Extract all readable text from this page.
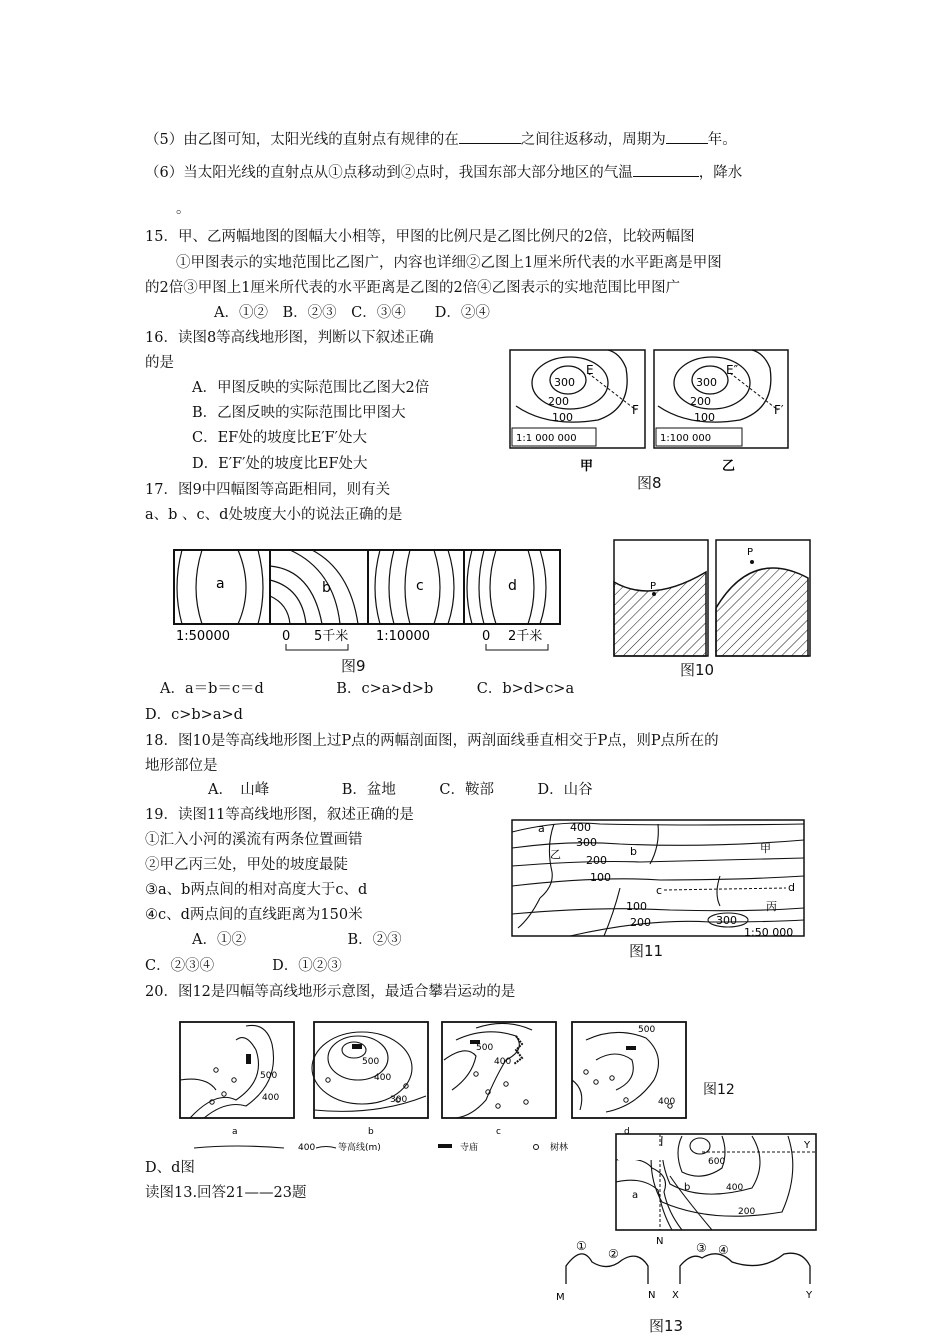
（5）由乙图可知，太阳光线的直射点有规律的在	之间往返移动，周期为	年。
（6）当太阳光线的直射点从①点移动到②点时，我国东部大部分地区的气温	，降水
。
15．甲、乙两幅地图的图幅大小相等，甲图的比例尺是乙图比例尺的2倍，比较两幅图
①甲图表示的实地范围比乙图广，内容也详细②乙图上1厘米所代表的水平距离是甲图
的2倍③甲图上1厘米所代表的水平距离是乙图的2倍④乙图表示的实地范围比甲图广
A．①②　B．②③　C．③④　　D．②④
16．读图8等高线地形图，判断以下叙述正确
的是
A．甲图反映的实际范围比乙图大2倍
B．乙图反映的实际范围比甲图大
C．EF处的坡度比E′F′处大
D．E′F′处的坡度比EF处大
300
200
100
E
F
1:1 000 000
甲
300
200
100
E″
F′
1:100 000
乙
图8
17．图9中四幅图等高距相同，则有关
a、b 、c、d处坡度大小的说法正确的是
a	b	c	d
1:50000	0 5千米 1:10000	0 2千米
图9
P
P
图10
A．a＝b＝c＝d　　　　　B．c>a>d>b　　　C．b>d>c>a
D．c>b>a>d
18．图10是等高线地形图上过P点的两幅剖面图，两剖面线垂直相交于P点，则P点所在的
地形部位是
A．　山峰　　　　　B．盆地　　　C．鞍部　　　D．山谷
19．读图11等高线地形图，叙述正确的是
①汇入小河的溪流有两条位置画错
②甲乙丙三处，甲处的坡度最陡
③a、b两点间的相对高度大于c、d
④c、d两点间的直线距离为150米
A．①②　　　　　　　B．②③
C．②③④　　　　D．①②③
a 400
300
乙	b
200
甲
100
c	d
100	丙
200	300
1:50 000
图11
20．图12是四幅等高线地形示意图，最适合攀岩运动的是
500
400
500
400
300
500
400
500
400
a	b	c	d
400	等高线(m)	寺庙	树林
图12
D、d图
读图13.回答21——23题
Y
600
400
200
a
b
N
①
②
M	N
③ ④
X	Y
图13
